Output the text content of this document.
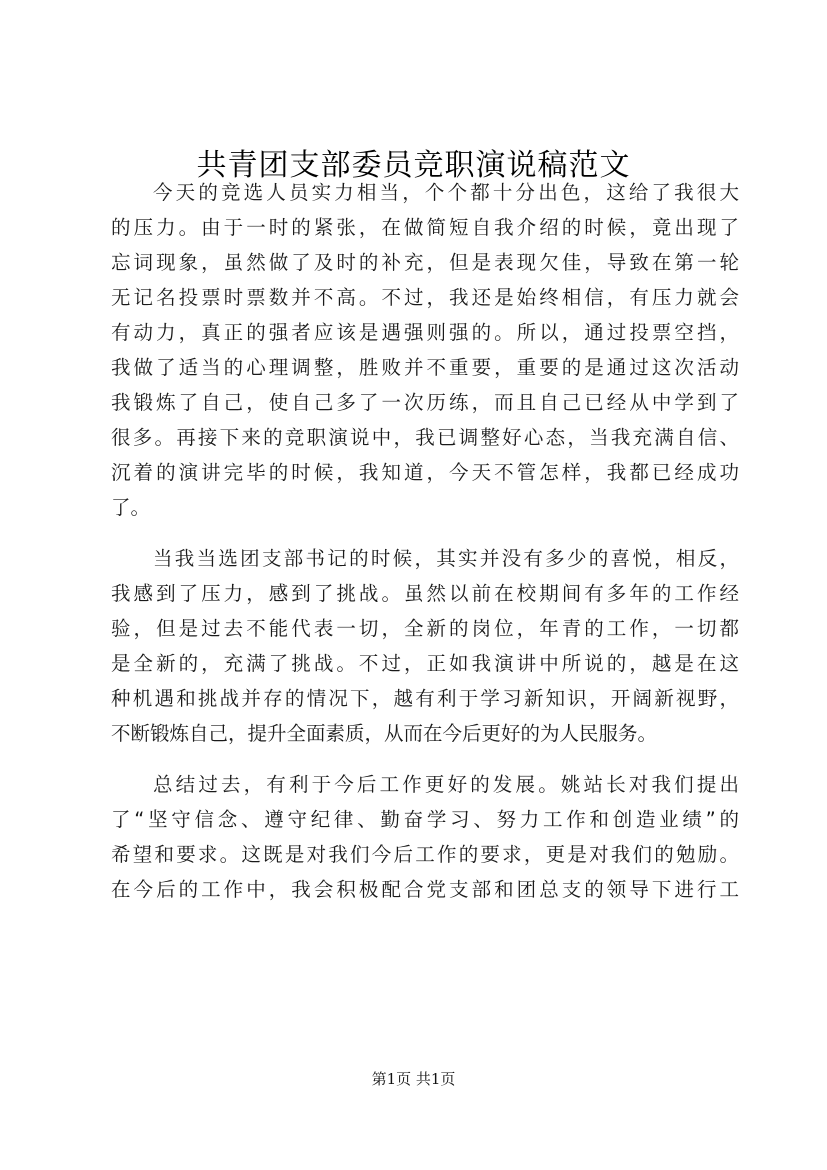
共青团支部委员竞职演说稿范文
今天的竞选人员实力相当，个个都十分出色，这给了我很大
的压力。由于一时的紧张，在做简短自我介绍的时候，竟出现了
忘词现象，虽然做了及时的补充，但是表现欠佳，导致在第一轮
无记名投票时票数并不高。不过，我还是始终相信，有压力就会
有动力，真正的强者应该是遇强则强的。所以，通过投票空挡，
我做了适当的心理调整，胜败并不重要，重要的是通过这次活动
我锻炼了自己，使自己多了一次历练，而且自己已经从中学到了
很多。再接下来的竞职演说中，我已调整好心态，当我充满自信、
沉着的演讲完毕的时候，我知道，今天不管怎样，我都已经成功
了。
当我当选团支部书记的时候，其实并没有多少的喜悦，相反，
我感到了压力，感到了挑战。虽然以前在校期间有多年的工作经
验，但是过去不能代表一切，全新的岗位，年青的工作，一切都
是全新的，充满了挑战。不过，正如我演讲中所说的，越是在这
种机遇和挑战并存的情况下，越有利于学习新知识，开阔新视野，
不断锻炼自己，提升全面素质，从而在今后更好的为人民服务。
总结过去，有利于今后工作更好的发展。姚站长对我们提出
了“坚守信念、遵守纪律、勤奋学习、努力工作和创造业绩”的
希望和要求。这既是对我们今后工作的要求，更是对我们的勉励。
在今后的工作中，我会积极配合党支部和团总支的领导下进行工
第1页 共1页
